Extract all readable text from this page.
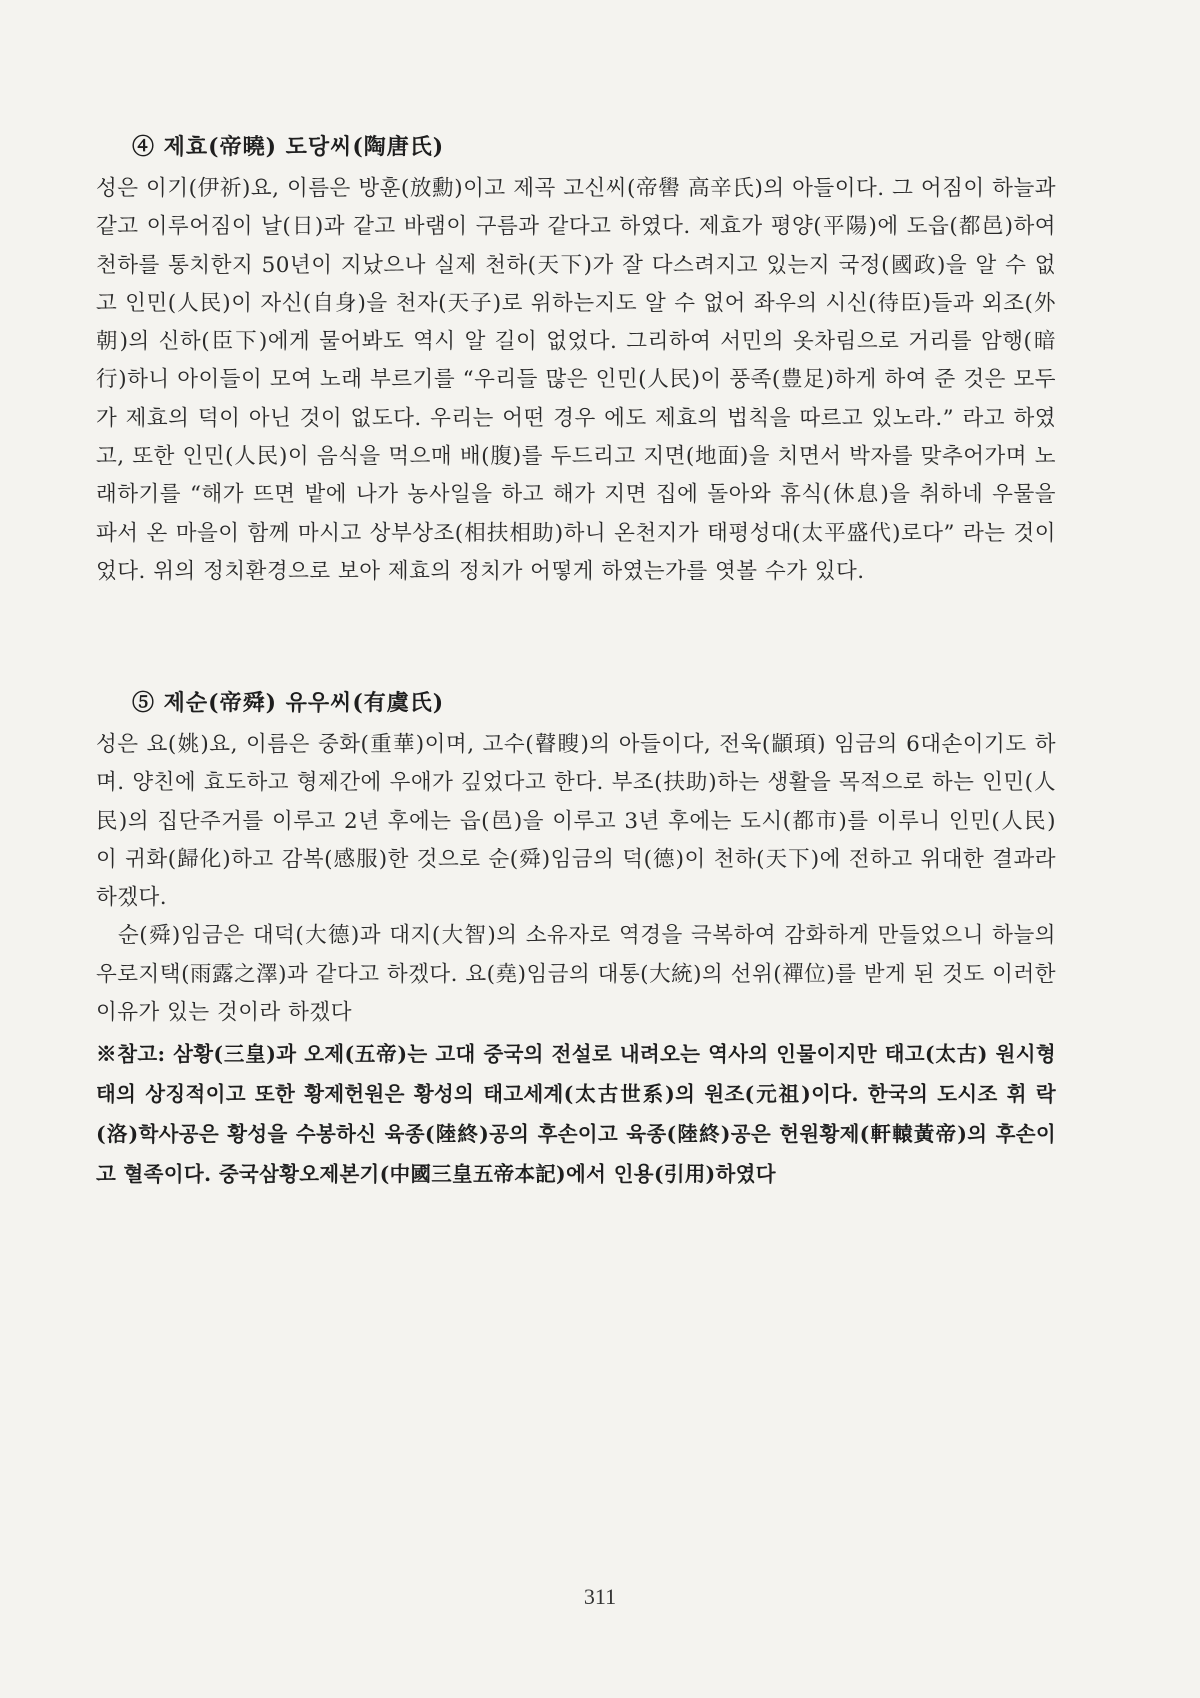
④ 제효(帝曉) 도당씨(陶唐氏)

성은 이기(伊祈)요, 이름은 방훈(放勳)이고 제곡 고신씨(帝嚳 高辛氏)의 아들이다. 그 어짐이 하늘과 같고 이루어짐이 날(日)과 같고 바램이 구름과 같다고 하였다. 제효가 평양(平陽)에 도읍(都邑)하여 천하를 통치한지 50년이 지났으나 실제 천하(天下)가 잘 다스려지고 있는지 국정(國政)을 알 수 없고 인민(人民)이 자신(自身)을 천자(天子)로 위하는지도 알 수 없어 좌우의 시신(待臣)들과 외조(外朝)의 신하(臣下)에게 물어봐도 역시 알 길이 없었다. 그리하여 서민의 옷차림으로 거리를 암행(暗行)하니 아이들이 모여 노래 부르기를 “우리들 많은 인민(人民)이 풍족(豊足)하게 하여 준 것은 모두가 제효의 덕이 아닌 것이 없도다. 우리는 어떤 경우 에도 제효의 법칙을 따르고 있노라.” 라고 하였고, 또한 인민(人民)이 음식을 먹으매 배(腹)를 두드리고 지면(地面)을 치면서 박자를 맞추어가며 노래하기를 “해가 뜨면 밭에 나가 농사일을 하고 해가 지면 집에 돌아와 휴식(休息)을 취하네 우물을 파서 온 마을이 함께 마시고 상부상조(相扶相助)하니 온천지가 태평성대(太平盛代)로다” 라는 것이었다. 위의 정치환경으로 보아 제효의 정치가 어떻게 하였는가를 엿볼 수가 있다.

⑤ 제순(帝舜) 유우씨(有虞氏)

성은 요(姚)요, 이름은 중화(重華)이며, 고수(瞽瞍)의 아들이다, 전욱(顓頊) 임금의 6대손이기도 하며. 양친에 효도하고 형제간에 우애가 깊었다고 한다. 부조(扶助)하는 생활을 목적으로 하는 인민(人民)의 집단주거를 이루고 2년 후에는 읍(邑)을 이루고 3년 후에는 도시(都市)를 이루니 인민(人民)이 귀화(歸化)하고 감복(感服)한 것으로 순(舜)임금의 덕(德)이 천하(天下)에 전하고 위대한 결과라 하겠다.

순(舜)임금은 대덕(大德)과 대지(大智)의 소유자로 역경을 극복하여 감화하게 만들었으니 하늘의 우로지택(雨露之澤)과 같다고 하겠다. 요(堯)임금의 대통(大統)의 선위(禪位)를 받게 된 것도 이러한 이유가 있는 것이라 하겠다

※참고: 삼황(三皇)과 오제(五帝)는 고대 중국의 전설로 내려오는 역사의 인물이지만 태고(太古) 원시형태의 상징적이고 또한 황제헌원은 황성의 태고세계(太古世系)의 원조(元祖)이다. 한국의 도시조 휘 락(洛)학사공은 황성을 수봉하신 육종(陸終)공의 후손이고 육종(陸終)공은 헌원황제(軒轅黃帝)의 후손이고 혈족이다. 중국삼황오제본기(中國三皇五帝本記)에서 인용(引用)하였다

311
